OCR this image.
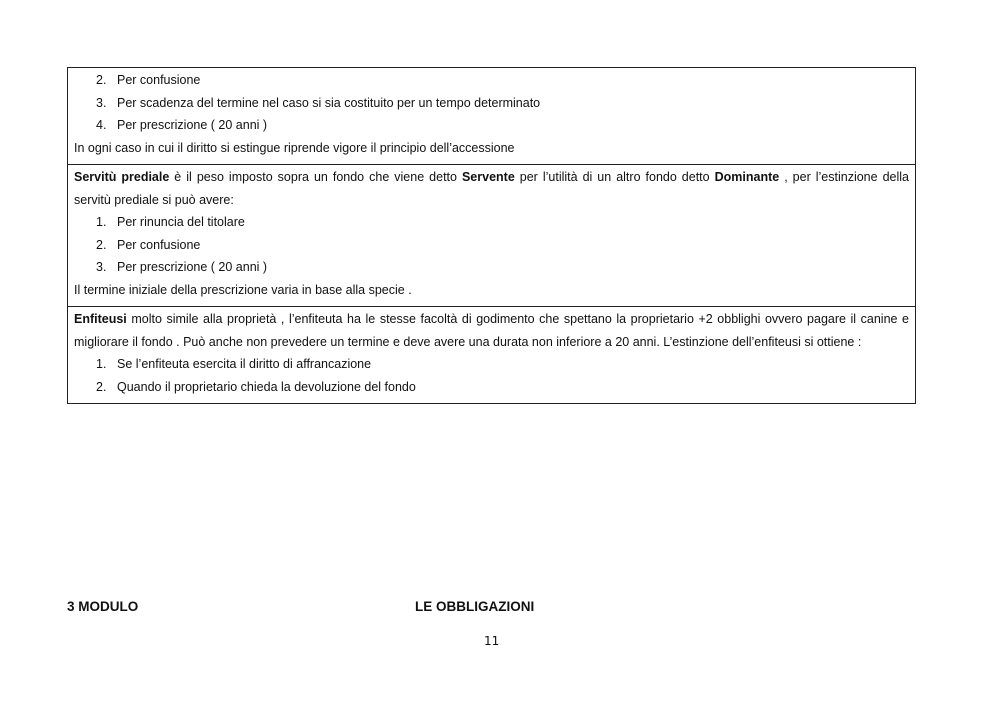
2. Per confusione
3. Per scadenza del termine nel caso si sia costituito per un tempo determinato
4. Per prescrizione ( 20 anni )
In ogni caso in cui il diritto si estingue riprende vigore il principio dell’accessione

Servitù prediale è il peso imposto sopra un fondo che viene detto Servente per l’utilità di un altro fondo detto Dominante , per l’estinzione della servitù prediale si può avere:
1. Per rinuncia del titolare
2. Per confusione
3. Per prescrizione ( 20 anni )
Il termine iniziale della prescrizione varia in base alla specie .

Enfiteusi molto simile alla proprietà , l’enfiteuta ha le stesse facoltà di godimento che spettano la proprietario +2 obblighi ovvero pagare il canine e migliorare il fondo . Può anche non prevedere un termine e deve avere una durata non inferiore a 20 anni. L’estinzione dell’enfiteusi si ottiene :
1. Se l’enfiteuta esercita il diritto di affrancazione
2. Quando il proprietario chieda la devoluzione del fondo
3 MODULO	LE OBBLIGAZIONI
11
